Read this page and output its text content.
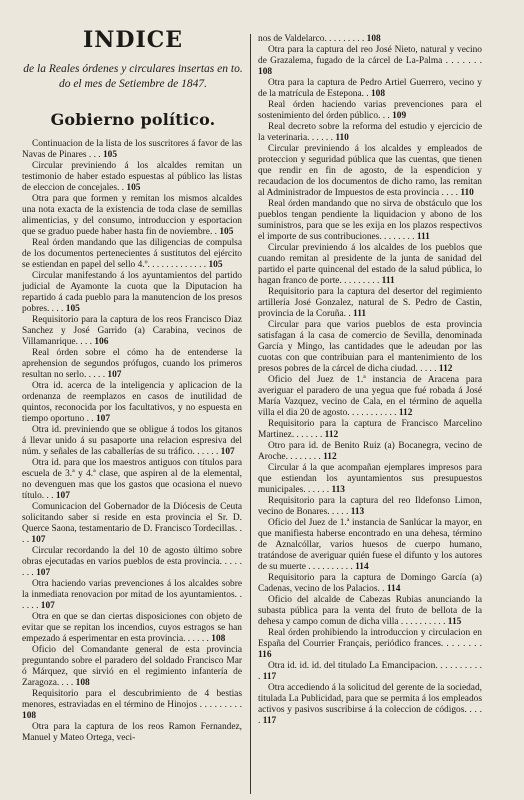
INDICE
de la Reales órdenes y circulares insertas en to. do el mes de Setiembre de 1847.
Gobierno político.

Continuacion de la lista de los suscritores á favor de las Navas de Pinares . . . 105

Circular previniendo á los alcaldes remitan un testimonio de haber estado espuestas al público las listas de eleccion de concejales. . 105

Otra para que formen y remitan los mismos alcaldes una nota exacta de la existencia de toda clase de semillas alimenticias, y del consumo, introduccion y esportacion que se graduo puede haber hasta fin de noviembre. . 105

Real órden mandando que las diligencias de compulsa de los documentos pertenecientes á sustitutos del ejército se estiendan en papel del sello 4.º. . . . . . . . . . . . . 105

Circular manifestando á los ayuntamientos del partido judicial de Ayamonte la cuota que la Diputacion ha repartido á cada pueblo para la manutencion de los presos pobres. . . . 105

Requisitorio para la captura de los reos Francisco Diaz Sanchez y José Garrido (a) Carabina, vecinos de Villamanrique. . . . 106

Real órden sobre el cómo ha de entenderse la aprehension de segundos prófugos, cuando los primeros resultan no serlo. . . . . 107

Otra id. acerca de la inteligencia y aplicacion de la ordenanza de reemplazos en casos de inutilidad de quintos, reconocida por los facultativos, y no espuesta en tiempo oportuno . . 107

Otra id. previniendo que se obligue á todos los gitanos á llevar unido á su pasaporte una relacion espresiva del núm. y señales de las caballerías de su tráfico. . . . . . 107

Otra id. para que los maestros antiguos con títulos para escuela de 3.ª y 4.ª clase, que aspiren al de la elemental, no devenguen mas que los gastos que ocasiona el nuevo título. . . 107

Comunicacion del Gobernador de la Diócesis de Ceuta solicitando saber si reside en esta provincia el Sr. D. Querce Saona, testamentario de D. Francisco Tordecillas. . . . 107

Circular recordando la del 10 de agosto último sobre obras ejecutadas en varios pueblos de esta provincia. . . . . . . . 107

Otra haciendo varias prevenciones á los alcaldes sobre la inmediata renovacion por mitad de los ayuntamientos. . . . . . 107

Otra en que se dan ciertas disposiciones con objeto de evitar que se repitan los incendios, cuyos estragos se han empezado á esperimentar en esta provincia. . . . . . 108

Oficio del Comandante general de esta provincia preguntando sobre el paradero del soldado Francisco Mar ó Márquez, que sirvió en el regimiento infantería de Zaragoza. . . . 108

Requisitorio para el descubrimiento de 4 bestias menores, estraviadas en el término de Hinojos . . . . . . . . . 108

Otra para la captura de los reos Ramon Fernandez, Manuel y Mateo Ortega, veci-

nos de Valdelarco. . . . . . . . . 108

Otra para la captura del reo José Nieto, natural y vecino de Grazalema, fugado de la cárcel de La-Palma . . . . . . . 108

Otra para la captura de Pedro Artiel Guerrero, vecino y de la matrícula de Estepona. . 108

Real órden haciendo varias prevenciones para el sostenimiento del órden público. . . 109

Real decreto sobre la reforma del estudio y ejercicio de la veterinaria. . . . . . 110

Circular previniendo á los alcaldes y empleados de proteccion y seguridad pública que las cuentas, que tienen que rendir en fin de agosto, de la espendicion y recaudacion de los documentos de dicho ramo, las remitan al Administrador de Impuestos de esta provincia . . . . 110

Real órden mandando que no sirva de obstáculo que los pueblos tengan pendiente la liquidacion y abono de los suministros, para que se les exija en los plazos respectivos el importe de sus contribuciones. . . . . . . . 111

Circular previniendo á los alcaldes de los pueblos que cuando remitan al presidente de la junta de sanidad del partido el parte quincenal del estado de la salud pública, lo hagan franco de porte. . . . . . . . . 111

Requisitorio para la captura del desertor del regimiento artillería José Gonzalez, natural de S. Pedro de Castin, provincia de la Coruña. . 111

Circular para que varios pueblos de esta provincia satisfagan á la casa de comercio de Sevilla, denominada García y Mingo, las cantidades que le adeudan por las cuotas con que contribuian para el mantenimiento de los presos pobres de la cárcel de dicha ciudad. . . . . 112

Oficio del Juez de 1.ª instancia de Aracena para averiguar el paradero de una yegua que fué robada á José María Vazquez, vecino de Cala, en el término de aquella villa el dia 20 de agosto. . . . . . . . . . . 112

Requisitorio para la captura de Francisco Marcelino Martinez. . . . . . . 112

Otro para id. de Benito Ruiz (a) Bocanegra, vecino de Aroche. . . . . . . . 112

Circular á la que acompañan ejemplares impresos para que estiendan los ayuntamientos sus presupuestos municipales. . . . . . 113

Requisitorio para la captura del reo Ildefonso Limon, vecino de Bonares. . . . . 113

Oficio del Juez de 1.ª instancia de Sanlúcar la mayor, en que manifiesta haberse encontrado en una dehesa, término de Aznalcóllar, varios huesos de cuerpo humano, tratándose de averiguar quién fuese el difunto y los autores de su muerte . . . . . . . . . . 114

Requisitorio para la captura de Domingo García (a) Cadenas, vecino de los Palacios. . 114

Oficio del alcalde de Cabezas Rubias anunciando la subasta pública para la venta del fruto de bellota de la dehesa y campo comun de dicha villa . . . . . . . . . . 115

Real órden prohibiendo la introduccion y circulacion en España del Courrier Français, periódico frances. . . . . . . . 116

Otra id. id. id. del titulado La Emancipacion. . . . . . . . . . . 117

Otra accediendo á la solicitud del gerente de la sociedad, titulada La Publicidad, para que se permita á los empleados activos y pasivos suscribirse á la coleccion de códigos. . . . . 117
